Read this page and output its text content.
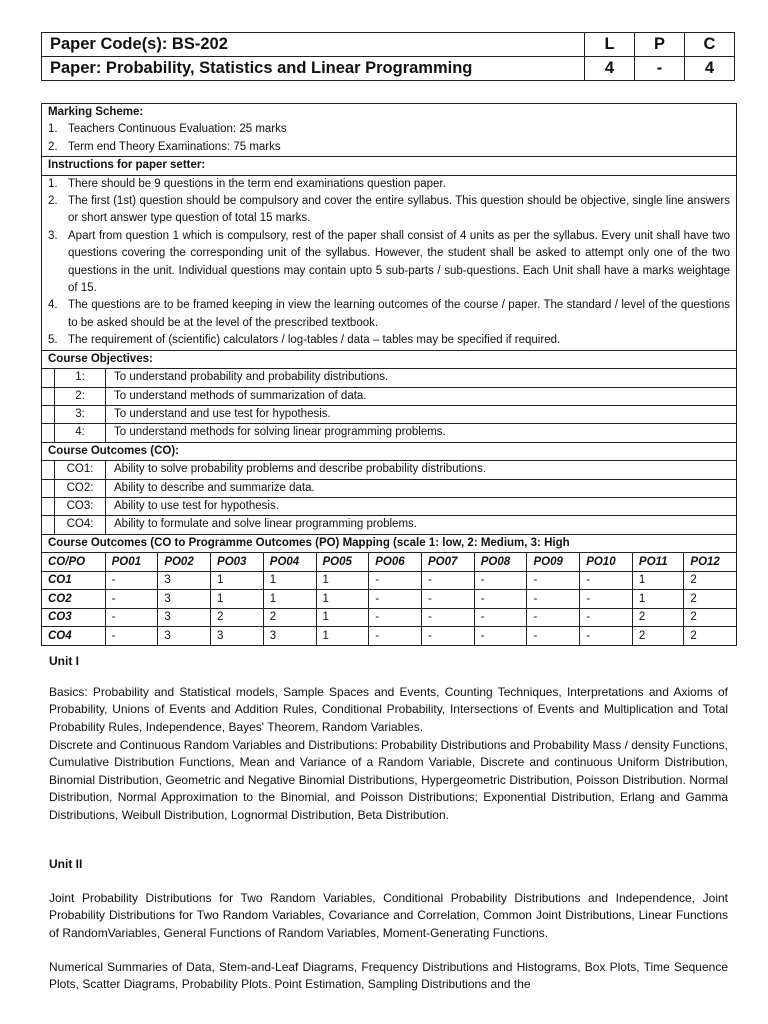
Paper Code(s): BS-202	L	P	C
Paper: Probability, Statistics and Linear Programming	4	-	4
Marking Scheme:
1. Teachers Continuous Evaluation: 25 marks
2. Term end Theory Examinations: 75 marks
Instructions for paper setter:
1. There should be 9 questions in the term end examinations question paper.
2. The first (1st) question should be compulsory and cover the entire syllabus. This question should be objective, single line answers or short answer type question of total 15 marks.
3. Apart from question 1 which is compulsory, rest of the paper shall consist of 4 units as per the syllabus. Every unit shall have two questions covering the corresponding unit of the syllabus. However, the student shall be asked to attempt only one of the two questions in the unit. Individual questions may contain upto 5 sub-parts / sub-questions. Each Unit shall have a marks weightage of 15.
4. The questions are to be framed keeping in view the learning outcomes of the course / paper. The standard / level of the questions to be asked should be at the level of the prescribed textbook.
5. The requirement of (scientific) calculators / log-tables / data – tables may be specified if required.
Course Objectives:
1:	To understand probability and probability distributions.
2:	To understand methods of summarization of data.
3:	To understand and use test for hypothesis.
4:	To understand methods for solving linear programming problems.
Course Outcomes (CO):
CO1:	Ability to solve probability problems and describe probability distributions.
CO2:	Ability to describe and summarize data.
CO3:	Ability to use test for hypothesis.
CO4:	Ability to formulate and solve linear programming problems.
Course Outcomes (CO to Programme Outcomes (PO) Mapping (scale 1: low, 2: Medium, 3: High
CO/PO	PO01	PO02	PO03	PO04	PO05	PO06	PO07	PO08	PO09	PO10	PO11	PO12
CO1	-	3	1	1	1	-	-	-	-	-	1	2
CO2	-	3	1	1	1	-	-	-	-	-	1	2
CO3	-	3	2	2	1	-	-	-	-	-	2	2
CO4	-	3	3	3	1	-	-	-	-	-	2	2
Unit I
Basics: Probability and Statistical models, Sample Spaces and Events, Counting Techniques, Interpretations and Axioms of Probability, Unions of Events and Addition Rules, Conditional Probability, Intersections of Events and Multiplication and Total Probability Rules, Independence, Bayes' Theorem, Random Variables.
Discrete and Continuous Random Variables and Distributions: Probability Distributions and Probability Mass / density Functions, Cumulative Distribution Functions, Mean and Variance of a Random Variable, Discrete and continuous Uniform Distribution, Binomial Distribution, Geometric and Negative Binomial Distributions, Hypergeometric Distribution, Poisson Distribution. Normal Distribution, Normal Approximation to the Binomial, and Poisson Distributions; Exponential Distribution, Erlang and Gamma Distributions, Weibull Distribution, Lognormal Distribution, Beta Distribution.
Unit II
Joint Probability Distributions for Two Random Variables, Conditional Probability Distributions and Independence, Joint Probability Distributions for Two Random Variables, Covariance and Correlation, Common Joint Distributions, Linear Functions of RandomVariables, General Functions of Random Variables, Moment-Generating Functions.
Numerical Summaries of Data, Stem-and-Leaf Diagrams, Frequency Distributions and Histograms, Box Plots, Time Sequence Plots, Scatter Diagrams, Probability Plots. Point Estimation, Sampling Distributions and the
